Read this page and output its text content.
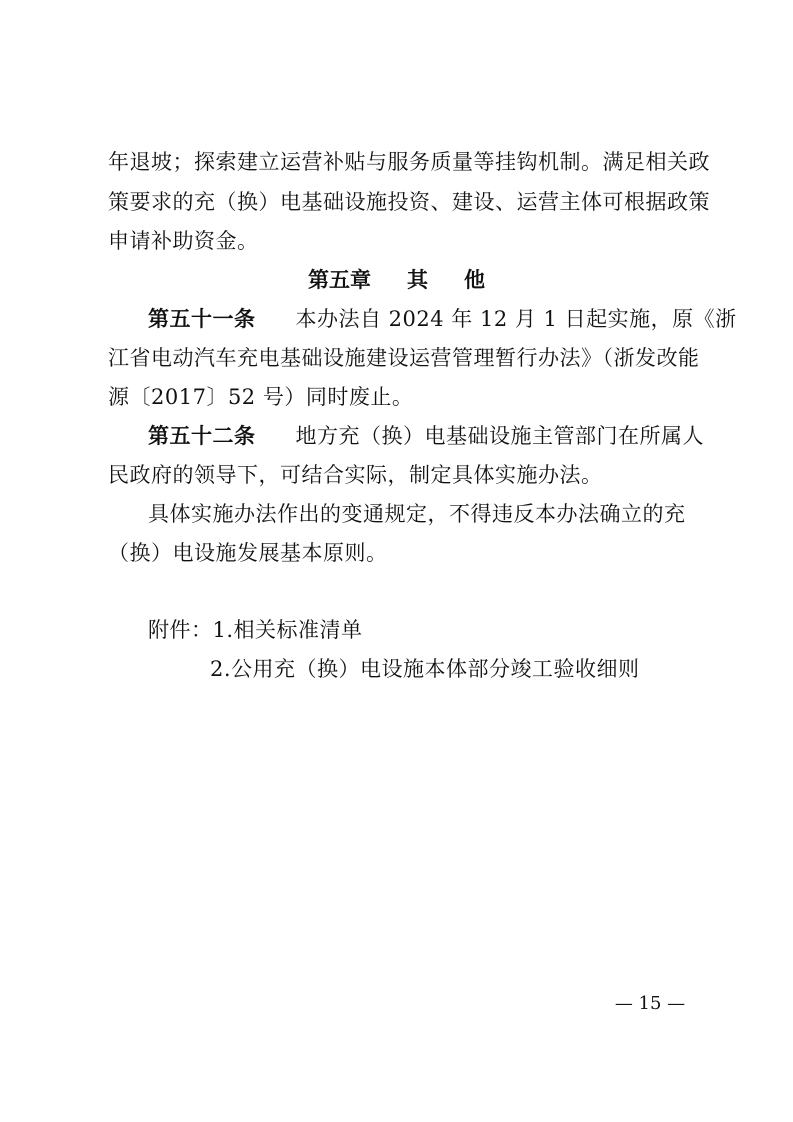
年退坡；探索建立运营补贴与服务质量等挂钩机制。满足相关政
策要求的充（换）电基础设施投资、建设、运营主体可根据政策
申请补助资金。
第五章 其 他
第五十一条 本办法自 2024 年 12 月 1 日起实施，原《浙
江省电动汽车充电基础设施建设运营管理暂行办法》（浙发改能
源〔2017〕52 号）同时废止。
第五十二条 地方充（换）电基础设施主管部门在所属人
民政府的领导下，可结合实际，制定具体实施办法。
具体实施办法作出的变通规定，不得违反本办法确立的充
（换）电设施发展基本原则。
附件：1.相关标准清单
2.公用充（换）电设施本体部分竣工验收细则
— 15 —
